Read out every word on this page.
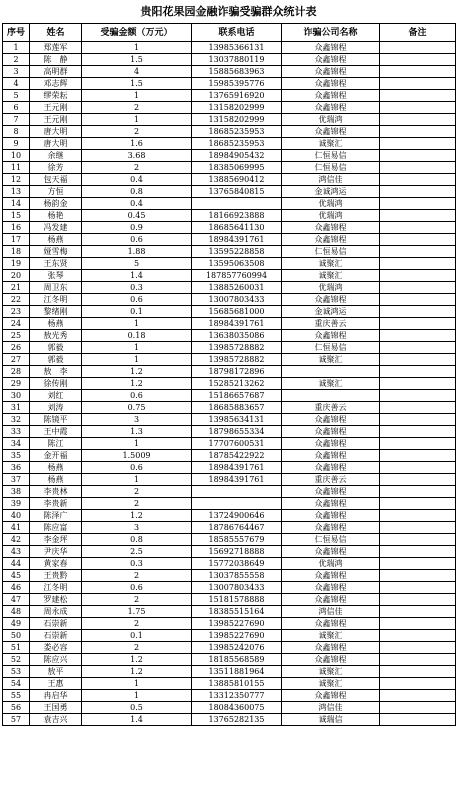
贵阳花果园金融诈骗受骗群众统计表
序号	姓名	受骗金额（万元）	联系电话	诈骗公司名称	备注
1	郑莲军	1	13985366131	众鑫锦程	
2	陈　静	1.5	13037880119	众鑫锦程	
3	高明群	4	15885683963	众鑫锦程	
4	邓志辉	1.5	15985395776	众鑫锦程	
5	缪荣耘	1	13765916920	众鑫锦程	
6	王元刚	2	13158202999	众鑫锦程	
7	王元刚	1	13158202999	优瑞鸿	
8	唐大明	2	18685235953	众鑫锦程	
9	唐大明	1.6	18685235953	诚聚汇	
10	余继	3.68	18984905432	仁恒易信	
11	徐芳	2	18385069995	仁恒易信	
12	包天福	0.4	13885690412	鸿信佳	
13	方恒	0.8	13765840815	金诚鸿运	
14	杨韵金	0.4		优瑞鸿	
15	杨艳	0.45	18166923888	优瑞鸿	
16	冯发建	0.9	18685641130	众鑫锦程	
17	杨燕	0.6	18984391761	众鑫锦程	
18	娅雪梅	1.88	13595228858	仁恒易信	
19	王东贤	5	13595063508	诚聚汇	
20	张琴	1.4	187857760994	诚聚汇	
21	周卫东	0.3	13885260031	优瑞鸿	
22	江冬明	0.6	13007803433	众鑫锦程	
23	黎绪刚	0.1	15685681000	金诚鸿运	
24	杨燕	1	18984391761	重庆善云	
25	敖光秀	0.18	13638035086	众鑫锦程	
26	郭毅	1	13985728882	仁恒易信	
27	郭毅	1	13985728882	诚聚汇	
28	敖　李	1.2	18798172896		
29	徐传刚	1.2	15285213262	诚聚汇	
30	刘红	0.6	15186657687		
31	刘涛	0.75	18685883657	重庆善云	
32	陈镜平	3	13985634131	众鑫锦程	
33	王中霞	1.3	18798655334	众鑫锦程	
34	陈江	1	17707600531	众鑫锦程	
35	金开福	1.5009	18785422922	众鑫锦程	
36	杨燕	0.6	18984391761	众鑫锦程	
37	杨燕	1	18984391761	重庆善云	
38	李贵林	2		众鑫锦程	
39	李贵新	2		众鑫锦程	
40	陈泽广	1.2	13724900646	众鑫锦程	
41	陈应富	3	18786764467	众鑫锦程	
42	李金坪	0.8	18585557679	仁恒易信	
43	尹庆华	2.5	15692718888	众鑫锦程	
44	黄家春	0.3	15772038649	优瑞鸿	
45	王贵黔	2	13037855558	众鑫锦程	
46	江冬明	0.6	13007803433	众鑫锦程	
47	罗建松	2	15181578888	众鑫锦程	
48	周永成	1.75	18385515164	鸿信佳	
49	石崇新	2	13985227690	众鑫锦程	
50	石崇新	0.1	13985227690	诚聚汇	
51	娄必容	2	13985242076	众鑫锦程	
52	陈应兴	1.2	18185568589	众鑫锦程	
53	敖平	1.2	13511881964	诚聚汇	
54	王惠	1	13885810155	诚聚汇	
55	冉启华	1	13312350777	众鑫锦程	
56	王国勇	0.5	18084360075	鸿信佳	
57	袁吉兴	1.4	13765282135	诚瑞信	
